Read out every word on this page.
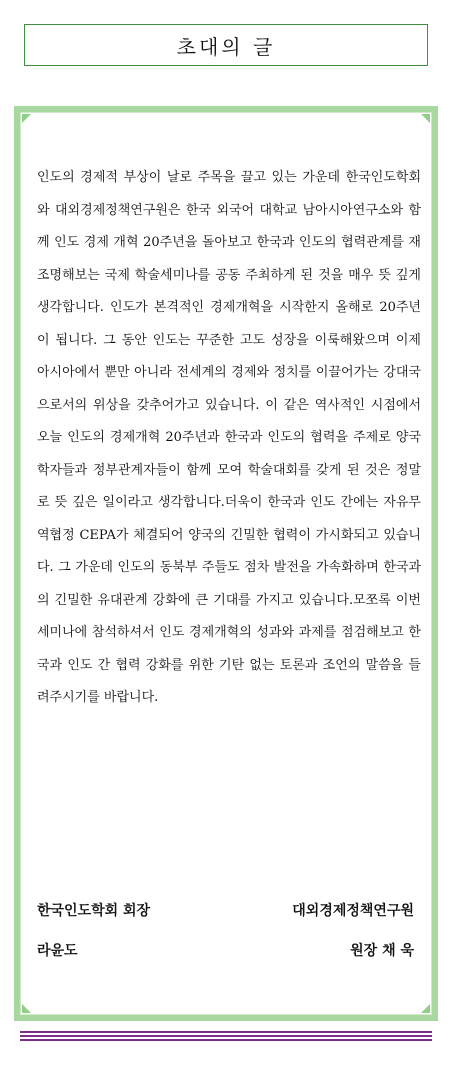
초대의 글
인도의 경제적 부상이 날로 주목을 끌고 있는 가운데 한국인도학회와 대외경제정책연구원은 한국 외국어 대학교 남아시아연구소와 함께 인도 경제 개혁 20주년을 돌아보고 한국과 인도의 협력관계를 재조명해보는 국제 학술세미나를 공동 주최하게 된 것을 매우 뜻 깊게 생각합니다. 인도가 본격적인 경제개혁을 시작한지 올해로 20주년이 됩니다. 그 동안 인도는 꾸준한 고도 성장을 이룩해왔으며 이제 아시아에서 뿐만 아니라 전세계의 경제와 정치를 이끌어가는 강대국으로서의 위상을 갖추어가고 있습니다. 이 같은 역사적인 시점에서 오늘 인도의 경제개혁 20주년과 한국과 인도의 협력을 주제로 양국 학자들과 정부관계자들이 함께 모여 학술대회를 갖게 된 것은 정말로 뜻 깊은 일이라고 생각합니다.더욱이 한국과 인도 간에는 자유무역협정 CEPA가 체결되어 양국의 긴밀한 협력이 가시화되고 있습니다. 그 가운데 인도의 동북부 주들도 점차 발전을 가속화하며 한국과의 긴밀한 유대관계 강화에 큰 기대를 가지고 있습니다.모쪼록 이번 세미나에 참석하셔서 인도 경제개혁의 성과와 과제를 점검해보고 한국과 인도 간 협력 강화를 위한 기탄 없는 토론과 조언의 말씀을 들려주시기를 바랍니다.
한국인도학회 회장
라윤도
대외경제정책연구원
원장 채 욱
